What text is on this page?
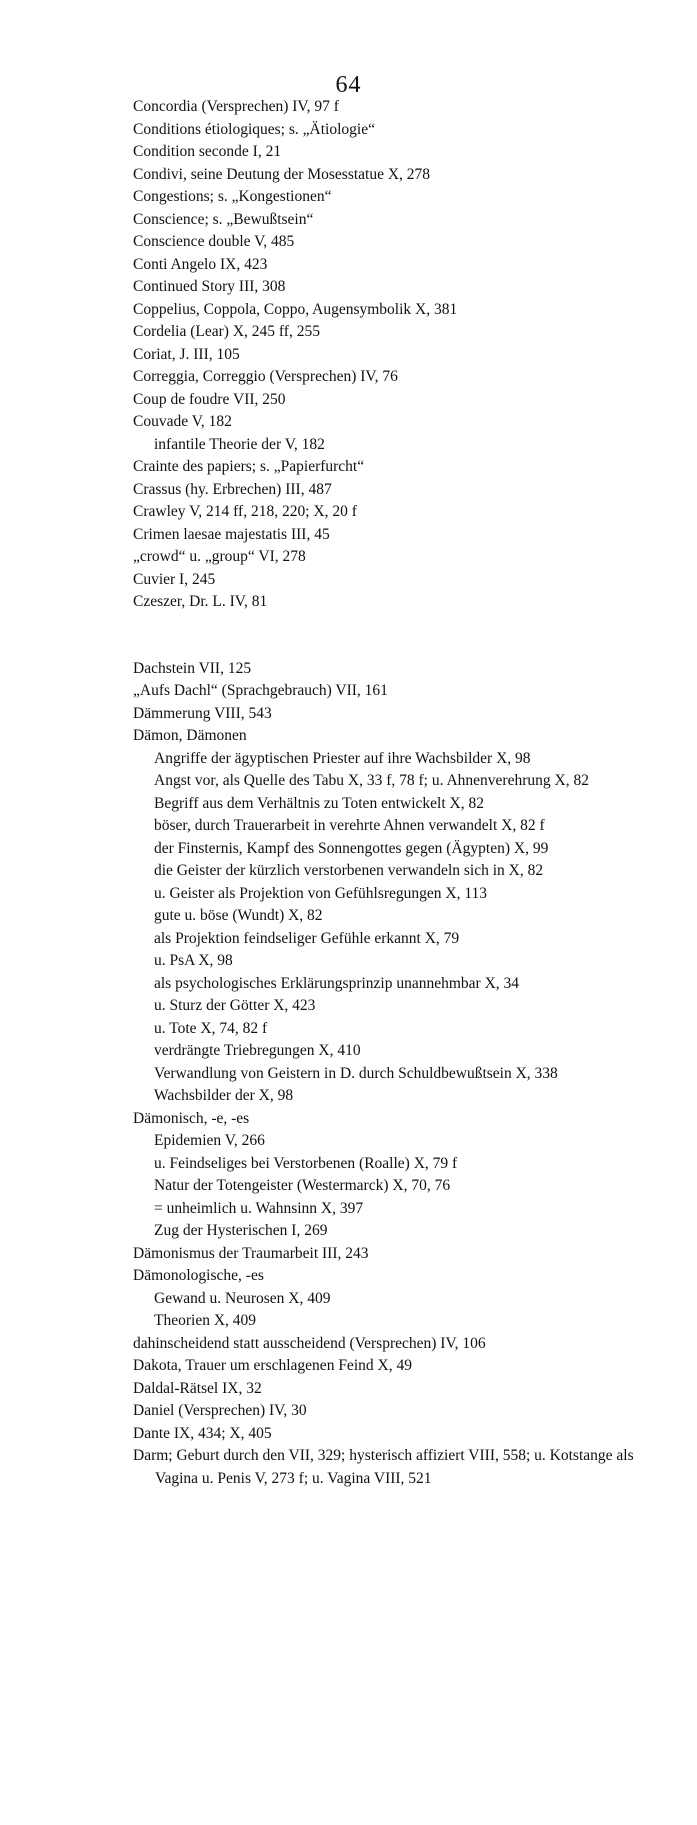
64
Concordia (Versprechen) IV, 97 f
Conditions étiologiques; s. „Ätiologie“
Condition seconde I, 21
Condivi, seine Deutung der Mosesstatue X, 278
Congestions; s. „Kongestionen“
Conscience; s. „Bewußtsein“
Conscience double V, 485
Conti Angelo IX, 423
Continued Story III, 308
Coppelius, Coppola, Coppo, Augensymbolik X, 381
Cordelia (Lear) X, 245 ff, 255
Coriat, J. III, 105
Correggia, Correggio (Versprechen) IV, 76
Coup de foudre VII, 250
Couvade V, 182
infantile Theorie der V, 182
Crainte des papiers; s. „Papierfurcht“
Crassus (hy. Erbrechen) III, 487
Crawley V, 214 ff, 218, 220; X, 20 f
Crimen laesae majestatis III, 45
„crowd“ u. „group“ VI, 278
Cuvier I, 245
Czeszer, Dr. L. IV, 81
Dachstein VII, 125
„Aufs Dachl“ (Sprachgebrauch) VII, 161
Dämmerung VIII, 543
Dämon, Dämonen
Angriffe der ägyptischen Priester auf ihre Wachsbilder X, 98
Angst vor, als Quelle des Tabu X, 33 f, 78 f; u. Ahnenverehrung X, 82
Begriff aus dem Verhältnis zu Toten entwickelt X, 82
böser, durch Trauerarbeit in verehrte Ahnen verwandelt X, 82 f
der Finsternis, Kampf des Sonnengottes gegen (Ägypten) X, 99
die Geister der kürzlich verstorbenen verwandeln sich in X, 82
u. Geister als Projektion von Gefühlsregungen X, 113
gute u. böse (Wundt) X, 82
als Projektion feindseliger Gefühle erkannt X, 79
u. PsA X, 98
als psychologisches Erklärungsprinzip unannehmbar X, 34
u. Sturz der Götter X, 423
u. Tote X, 74, 82 f
verdrängte Triebregungen X, 410
Verwandlung von Geistern in D. durch Schuldbewußtsein X, 338
Wachsbilder der X, 98
Dämonisch, -e, -es
Epidemien V, 266
u. Feindseliges bei Verstorbenen (Roalle) X, 79 f
Natur der Totengeister (Westermarck) X, 70, 76
= unheimlich u. Wahnsinn X, 397
Zug der Hysterischen I, 269
Dämonismus der Traumarbeit III, 243
Dämonologische, -es
Gewand u. Neurosen X, 409
Theorien X, 409
dahinscheidend statt ausscheidend (Versprechen) IV, 106
Dakota, Trauer um erschlagenen Feind X, 49
Daldal-Rätsel IX, 32
Daniel (Versprechen) IV, 30
Dante IX, 434; X, 405
Darm; Geburt durch den VII, 329; hysterisch affiziert VIII, 558; u. Kotstange als Vagina u. Penis V, 273 f; u. Vagina VIII, 521
